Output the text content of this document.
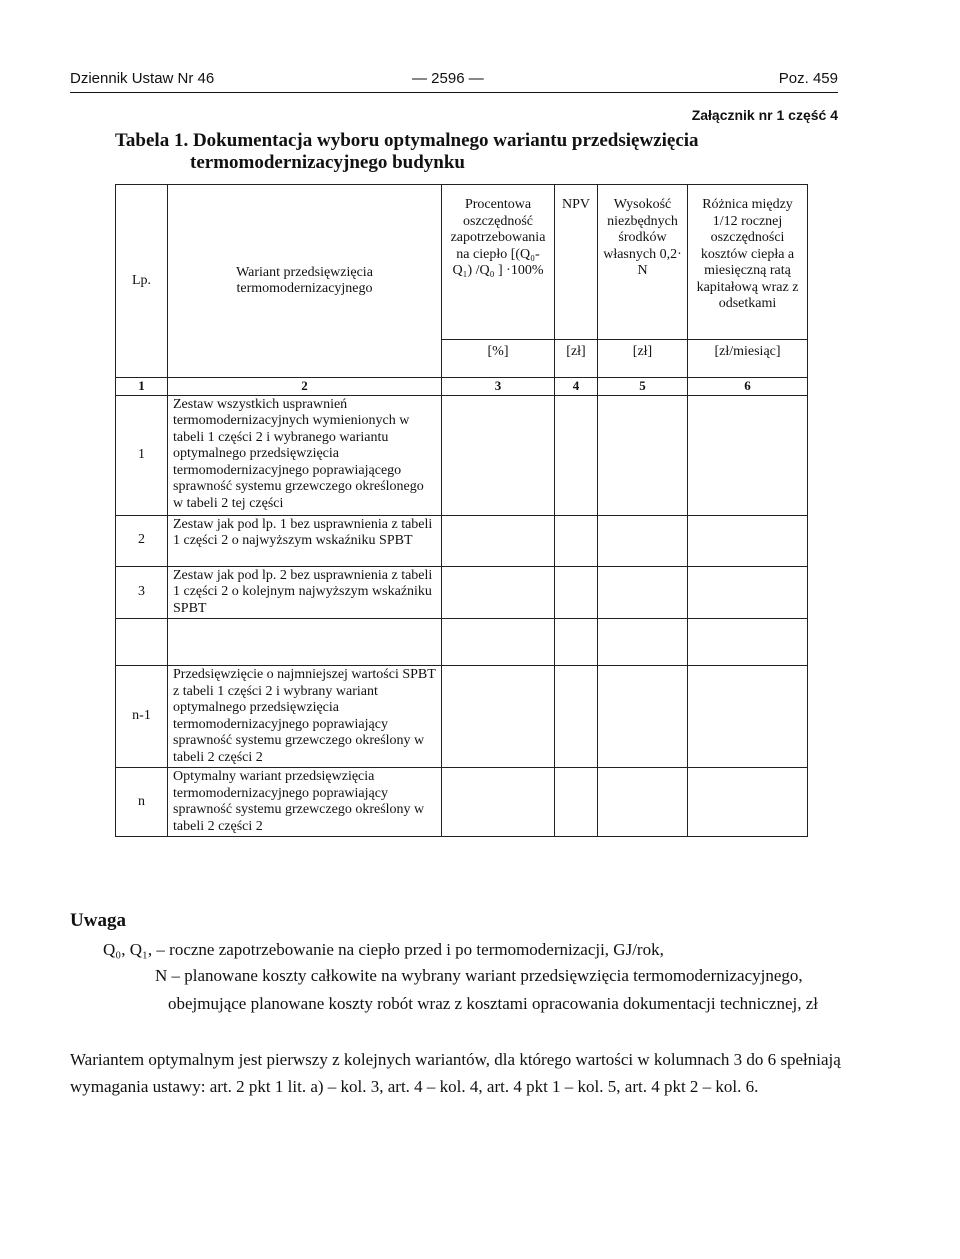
Dziennik Ustaw Nr 46	— 2596 —	Poz. 459
Załącznik nr 1 część 4
Tabela 1. Dokumentacja wyboru optymalnego wariantu przedsięwzięcia
termomodernizacyjnego budynku
Lp.	Wariant przedsięwzięcia termomodernizacyjnego	Procentowa oszczędność zapotrzebowania na ciepło [(Q₀- Q₁) /Q₀ ] ·100%	NPV	Wysokość niezbędnych środków własnych 0,2· N	Różnica między 1/12 rocznej oszczędności kosztów ciepła a miesięczną ratą kapitałową wraz z odsetkami

		[%]	[zł]	[zł]	[zł/miesiąc]
1	2	3	4	5	6
1	Zestaw wszystkich usprawnień termomodernizacyjnych wymienionych w tabeli 1 części 2 i wybranego wariantu optymalnego przedsięwzięcia termomodernizacyjnego poprawiającego sprawność systemu grzewczego określonego w tabeli 2 tej części				
2	Zestaw jak pod lp. 1 bez usprawnienia z tabeli 1 części 2 o najwyższym wskaźniku SPBT				
3	Zestaw jak pod lp. 2 bez usprawnienia z tabeli 1 części 2 o kolejnym najwyższym wskaźniku SPBT				

n-1	Przedsięwzięcie o najmniejszej wartości SPBT z tabeli 1 części 2 i wybrany wariant optymalnego przedsięwzięcia termomodernizacyjnego poprawiający sprawność systemu grzewczego określony w tabeli 2 części 2				
n	Optymalny wariant przedsięwzięcia termomodernizacyjnego poprawiający sprawność systemu grzewczego określony w tabeli 2 części 2				
Uwaga
Q₀, Q₁, – roczne zapotrzebowanie na ciepło przed i po termomodernizacji, GJ/rok,
N – planowane koszty całkowite na wybrany wariant przedsięwzięcia termomodernizacyjnego,
obejmujące planowane koszty robót wraz z kosztami opracowania dokumentacji technicznej, zł
Wariantem optymalnym jest pierwszy z kolejnych wariantów, dla którego wartości w kolumnach 3 do 6 spełniają wymagania ustawy: art. 2 pkt 1 lit. a) – kol. 3, art. 4 – kol. 4, art. 4 pkt 1 – kol. 5, art. 4 pkt 2 – kol. 6.
